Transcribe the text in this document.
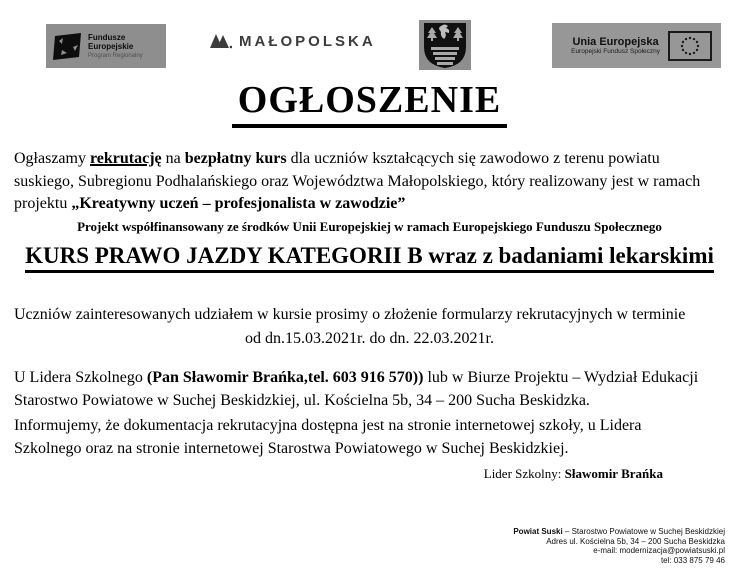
Fundusze
Europejskie
Program Regionalny
MAŁOPOLSKA	Unia Europejska
Europejski Fundusz Społeczny
OGŁOSZENIE

Ogłaszamy rekrutację na bezpłatny kurs dla uczniów kształcących się zawodowo z terenu powiatu suskiego, Subregionu Podhalańskiego oraz Województwa Małopolskiego, który realizowany jest w ramach projektu „Kreatywny uczeń – profesjonalista w zawodzie”

Projekt współfinansowany ze środków Unii Europejskiej w ramach Europejskiego Funduszu Społecznego
KURS PRAWO JAZDY KATEGORII B wraz z badaniami lekarskimi

Uczniów zainteresowanych udziałem w kursie prosimy o złożenie formularzy rekrutacyjnych w terminie

od dn.15.03.2021r. do dn. 22.03.2021r.

U Lidera Szkolnego (Pan Sławomir Brańka,tel. 603 916 570)) lub w Biurze Projektu – Wydział Edukacji Starostwo Powiatowe w Suchej Beskidzkiej, ul. Kościelna 5b, 34 – 200 Sucha Beskidzka.

Informujemy, że dokumentacja rekrutacyjna dostępna jest na stronie internetowej szkoły, u Lidera Szkolnego oraz na stronie internetowej Starostwa Powiatowego w Suchej Beskidzkiej.

Lider Szkolny: Sławomir Brańka

Powiat Suski – Starostwo Powiatowe w Suchej Beskidzkiej
Adres ul. Kościelna 5b, 34 – 200 Sucha Beskidzka
e-mail: modernizacja@powiatsuski.pl
tel: 033 875 79 46
